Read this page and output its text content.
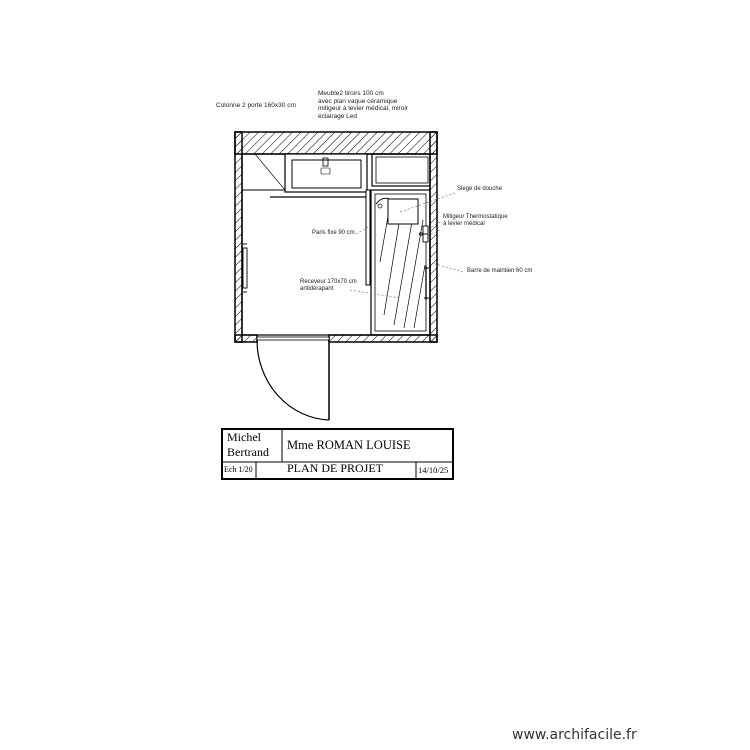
Colonne 2 porte 160x30 cm
Meuble2 tiroirs 100 cm
avec plan vaque céramique
mitigeur à levier médical, miroir
éclairage Led
Siege de douche
Mitigeur Thermostatique
à levier médical
Paris fixe 90 cm
Barre de maintien 60 cm
Receveur 170x70 cm
antidérapant
Michel
Bertrand Mme ROMAN LOUISE
Ech 1/20	PLAN DE PROJET	14/10/25
www.archifacile.fr
